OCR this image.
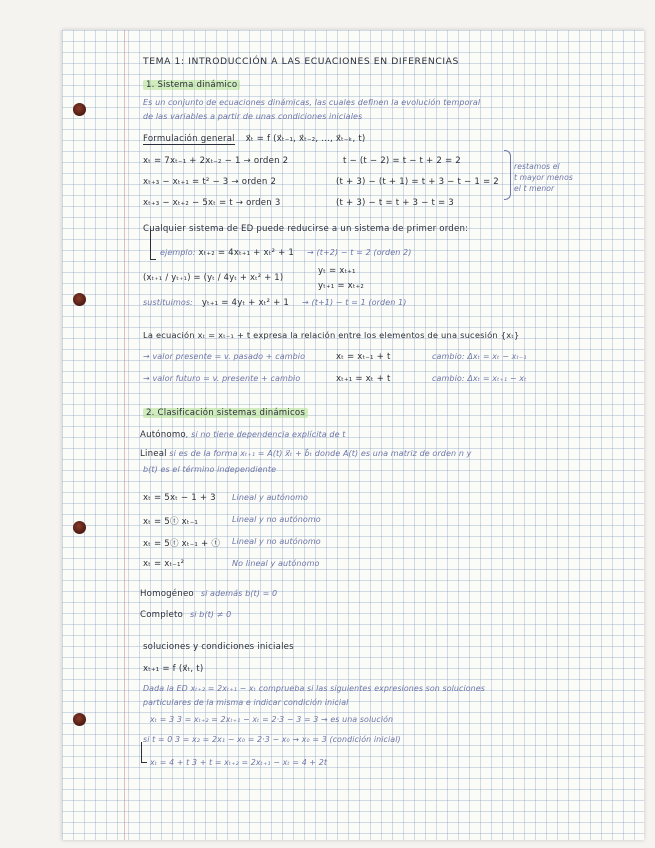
TEMA 1: INTRODUCCIÓN A LAS ECUACIONES EN DIFERENCIAS
1. Sistema dinámico
Es un conjunto de ecuaciones dinámicas, las cuales definen la evolución temporal
de las variables a partir de unas condiciones iniciales
Formulación general x⃗ₜ = f (x⃗ₜ₋₁, x⃗ₜ₋₂, ..., x⃗ₜ₋ₖ, t)
xₜ = 7xₜ₋₁ + 2xₜ₋₂ − 1 → orden 2	t − (t − 2) = t − t + 2 = 2
xₜ₊₃ − xₜ₊₁ = t² − 3 → orden 2	(t + 3) − (t + 1) = t + 3 − t − 1 = 2
xₜ₊₃ − xₜ₊₂ − 5xₜ = t → orden 3	(t + 3) − t = t + 3 − t = 3
restamos el
t mayor menos
el t menor
Cualquier sistema de ED puede reducirse a un sistema de primer orden:
ejemplo: xₜ₊₂ = 4xₜ₊₁ + xₜ² + 1 → (t+2) − t = 2 (orden 2)
(xₜ₊₁ / yₜ₊₁) = (yₜ / 4yₜ + xₜ² + 1)
yₜ = xₜ₊₁
yₜ₊₁ = xₜ₊₂
sustituimos: yₜ₊₁ = 4yₜ + xₜ² + 1 → (t+1) − t = 1 (orden 1)
La ecuación xₜ = xₜ₋₁ + t expresa la relación entre los elementos de una sucesión {xₜ}
→ valor presente = v. pasado + cambio	xₜ = xₜ₋₁ + t	cambio: Δxₜ = xₜ − xₜ₋₁
→ valor futuro = v. presente + cambio	xₜ₊₁ = xₜ + t	cambio: Δxₜ = xₜ₊₁ − xₜ
2. Clasificación sistemas dinámicos
Autónomo, si no tiene dependencia explícita de t
Lineal si es de la forma xₜ₊₁ = A(t) x⃗ₜ + b⃗ₜ donde A(t) es una matriz de orden n y
b(t) es el término independiente
xₜ = 5xₜ − 1 + 3 Lineal y autónomo
xₜ = 5ⓣ xₜ₋₁	Lineal y no autónomo
xₜ = 5ⓣ xₜ₋₁ + ⓣ Lineal y no autónomo
xₜ = xₜ₋₁²	No lineal y autónomo
Homogéneo si además b(t) = 0
Completo si b(t) ≠ 0
soluciones y condiciones iniciales
xₜ₊₁ = f (x⃗ₜ, t)
Dada la ED xₜ₊₂ = 2xₜ₊₁ − xₜ comprueba si las siguientes expresiones son soluciones
particulares de la misma e indicar condición inicial
xₜ = 3 3 = xₜ₊₂ = 2xₜ₊₁ − xₜ = 2·3 − 3 = 3 → es una solución
si t = 0 3 = x₂ = 2x₁ − x₀ = 2·3 − x₀ → x₀ = 3 (condición inicial)
xₜ = 4 + t 3 + t = xₜ₊₂ = 2xₜ₊₁ − xₜ = 4 + 2t
